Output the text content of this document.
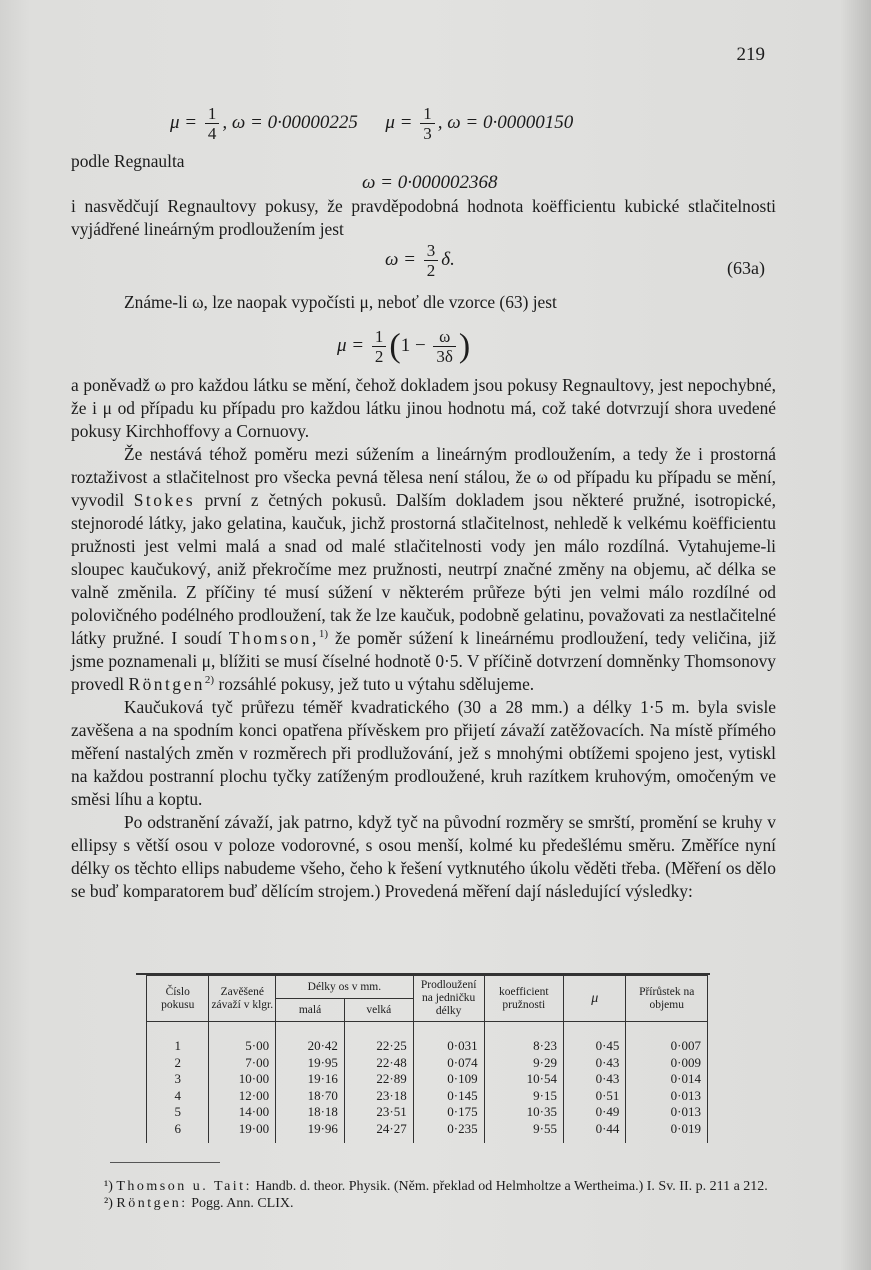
219
$\mu = \frac{1}{4}$ , ω = 0·00000225 $\mu = \frac{1}{3}$ , ω = 0·00000150
podle Regnaulta
ω = 0·000002368

i nasvědčují Regnaultovy pokusy, že pravděpodobná hodnota koëfficientu kubické stlačitelnosti vyjádřené lineárným prodloužením jest

$\omega = \frac{3}{2} \delta$.	(63a)
Známe-li ω, lze naopak vypočísti μ, neboť dle vzorce (63) jest
$\mu = \frac{1}{2} (1 - \frac{\omega}{3\delta}$ )

a poněvadž ω pro každou látku se mění, čehož dokladem jsou pokusy Regnaultovy, jest nepochybné, že i μ od případu ku případu pro každou látku jinou hodnotu má, což také dotvrzují shora uvedené pokusy Kirchhoffovy a Cornuovy.

Že nestává téhož poměru mezi súžením a lineárným prodloužením, a tedy že i prostorná roztaživost a stlačitelnost pro všecka pevná tělesa není stálou, že ω od případu ku případu se mění, vyvodil Stokes první z četných pokusů. Dalším dokladem jsou některé pružné, isotropické, stejnorodé látky, jako gelatina, kaučuk, jichž prostorná stlačitelnost, nehledě k velkému koëfficientu pružnosti jest velmi malá a snad od malé stlačitelnosti vody jen málo rozdílná. Vytahujeme-li sloupec kaučukový, aniž překročíme mez pružnosti, neutrpí značné změny na objemu, ač délka se valně změnila. Z příčiny té musí súžení v některém průřeze býti jen velmi málo rozdílné od polovičného podélného prodloužení, tak že lze kaučuk, podobně gelatinu, považovati za nestlačitelné látky pružné. I soudí Thomson,$^{1)}$ že poměr súžení k lineárnému prodloužení, tedy veličina, již jsme poznamenali μ, blížiti se musí číselné hodnotě 0·5. V příčině dotvrzení domněnky Thomsonovy provedl Röntgen$^{2)}$ rozsáhlé pokusy, jež tuto u výtahu sdělujeme.

Kaučuková tyč průřezu téměř kvadratického (30 a 28 mm.) a délky 1·5 m. byla svisle zavěšena a na spodním konci opatřena přívěskem pro přijetí závaží zatěžovacích. Na místě přímého měření nastalých změn v rozměrech při prodlužování, jež s mnohými obtížemi spojeno jest, vytiskl na každou postranní plochu tyčky zatíženým prodloužené, kruh razítkem kruhovým, omočeným ve směsi líhu a koptu.

Po odstranění závaží, jak patrno, když tyč na původní rozměry se smrští, promění se kruhy v ellipsy s větší osou v poloze vodorovné, s osou menší, kolmé ku předešlému směru. Změříce nyní délky os těchto ellips nabudeme všeho, čeho k řešení vytknutého úkolu věděti třeba. (Měření os dělo se buď komparatorem buď dělícím strojem.) Provedená měření dají následující výsledky:

Číslo pokusu	Zavěšené závaží v klgr.	Délky os v mm.		Prodloužení na jedničku délky	koefficient pružnosti	μ	Přírůstek na objemu
		malá	velká				

1	5·00	20·42	22·25	0·031	8·23	0·45	0·007
2	7·00	19·95	22·48	0·074	9·29	0·43	0·009
3	10·00	19·16	22·89	0·109	10·54	0·43	0·014
4	12·00	18·70	23·18	0·145	9·15	0·51	0·013
5	14·00	18·18	23·51	0·175	10·35	0·49	0·013
6	19·00	19·96	24·27	0·235	9·55	0·44	0·019

¹) Thomson u. Tait: Handb. d. theor. Physik. (Něm. překlad od Helmholtze a Wertheima.) I. Sv. II. p. 211 a 212.

²) Röntgen: Pogg. Ann. CLIX.
